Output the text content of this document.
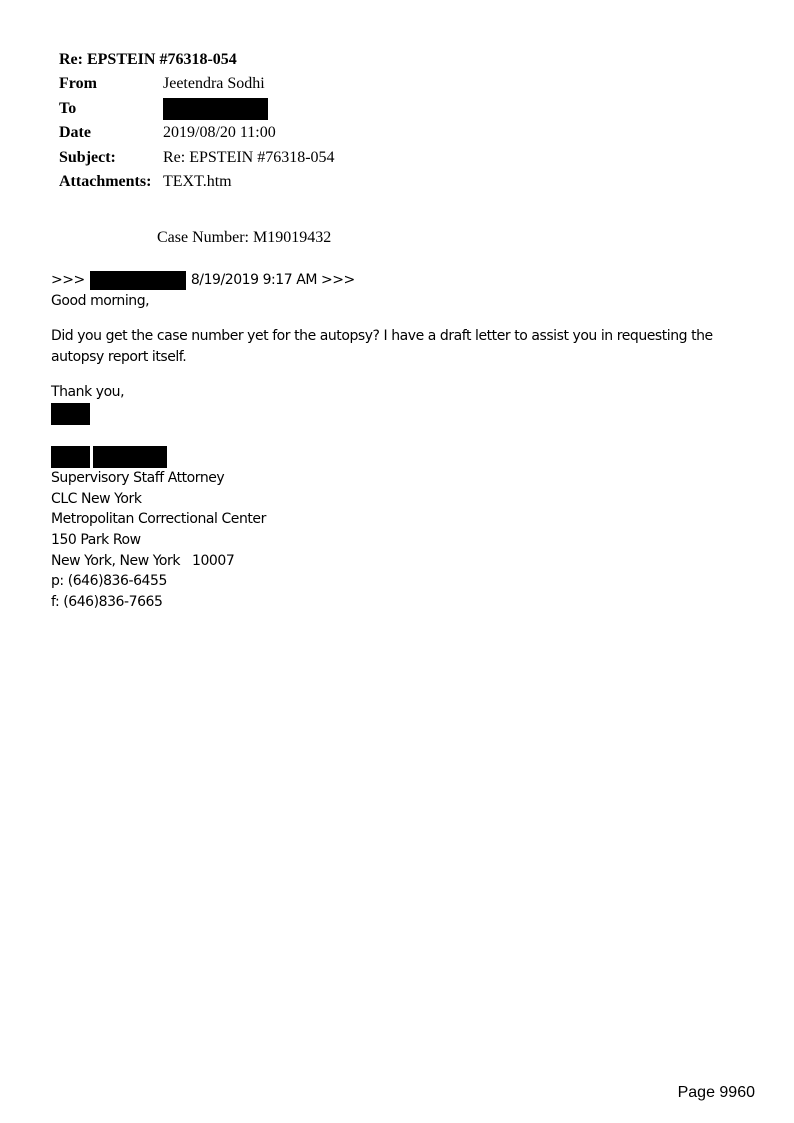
Re: EPSTEIN #76318-054
From	Jeetendra Sodhi
To
Date	2019/08/20 11:00
Subject:	Re: EPSTEIN #76318-054
Attachments: TEXT.htm
Case Number: M19019432
>>>	8/19/2019 9:17 AM >>>
Good morning,

Did you get the case number yet for the autopsy? I have a draft letter to assist you in requesting the autopsy report itself.

Thank you,
Supervisory Staff Attorney
CLC New York
Metropolitan Correctional Center
150 Park Row
New York, New York   10007
p: (646)836-6455
f: (646)836-7665
Page 9960
